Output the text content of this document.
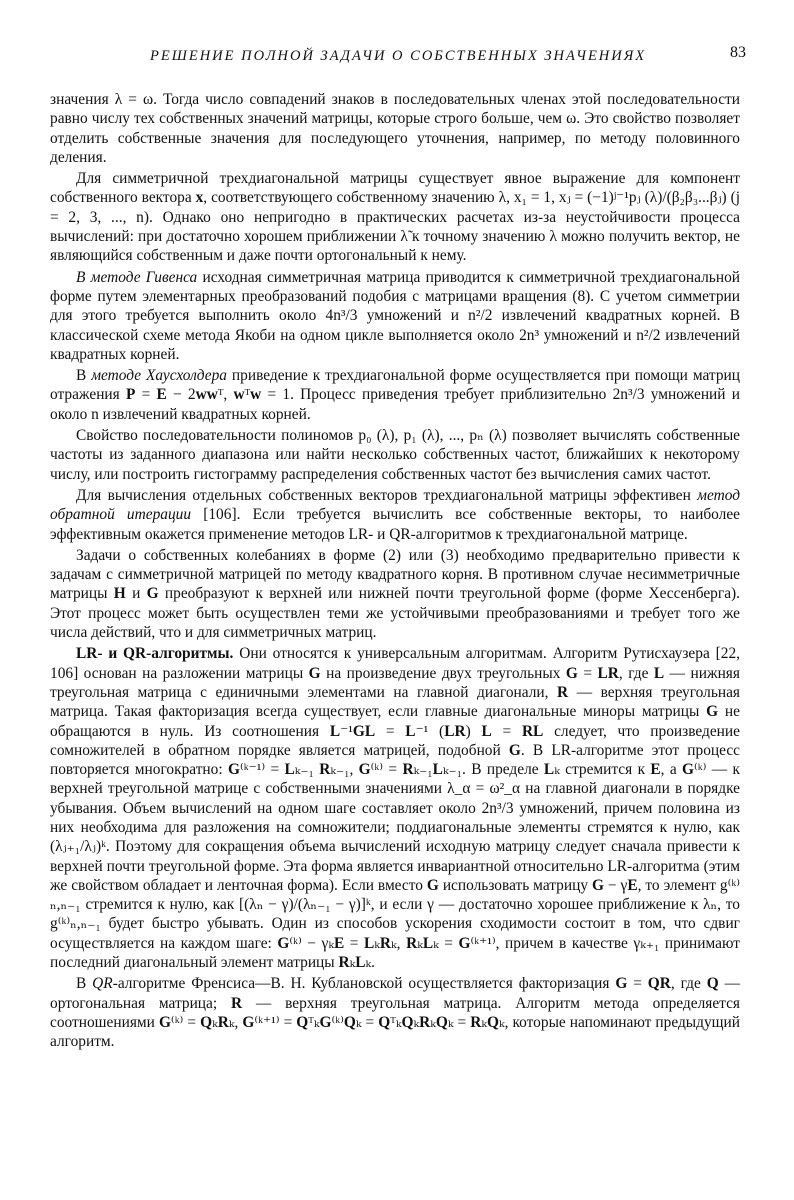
РЕШЕНИЕ ПОЛНОЙ ЗАДАЧИ О СОБСТВЕННЫХ ЗНАЧЕНИЯХ	83

значения λ = ω. Тогда число совпадений знаков в последовательных членах этой последовательности равно числу тех собственных значений матрицы, которые строго больше, чем ω. Это свойство позволяет отделить собственные значения для последующего уточнения, например, по методу половинного деления.

Для симметричной трехдиагональной матрицы существует явное выражение для компонент собственного вектора x, соответствующего собственному значению λ, x₁ = 1, xⱼ = (−1)ʲ⁻¹pⱼ (λ)/(β₂β₃...βⱼ) (j = 2, 3, ..., n). Однако оно непригодно в практических расчетах из-за неустойчивости процесса вычислений: при достаточно хорошем приближении λ̃ к точному значению λ можно получить вектор, не являющийся собственным и даже почти ортогональный к нему.

В методе Гивенса исходная симметричная матрица приводится к симметричной трехдиагональной форме путем элементарных преобразований подобия с матрицами вращения (8). С учетом симметрии для этого требуется выполнить около 4n³/3 умножений и n²/2 извлечений квадратных корней. В классической схеме метода Якоби на одном цикле выполняется около 2n³ умножений и n²/2 извлечений квадратных корней.

В методе Хаусхолдера приведение к трехдиагональной форме осуществляется при помощи матриц отражения P = E − 2wwᵀ, wᵀw = 1. Процесс приведения требует приблизительно 2n³/3 умножений и около n извлечений квадратных корней.

Свойство последовательности полиномов p₀ (λ), p₁ (λ), ..., pₙ (λ) позволяет вычислять собственные частоты из заданного диапазона или найти несколько собственных частот, ближайших к некоторому числу, или построить гистограмму распределения собственных частот без вычисления самих частот.

Для вычисления отдельных собственных векторов трехдиагональной матрицы эффективен метод обратной итерации [106]. Если требуется вычислить все собственные векторы, то наиболее эффективным окажется применение методов LR- и QR-алгоритмов к трехдиагональной матрице.

Задачи о собственных колебаниях в форме (2) или (3) необходимо предварительно привести к задачам с симметричной матрицей по методу квадратного корня. В противном случае несимметричные матрицы H и G преобразуют к верхней или нижней почти треугольной форме (форме Хессенберга). Этот процесс может быть осуществлен теми же устойчивыми преобразованиями и требует того же числа действий, что и для симметричных матриц.

LR- и QR-алгоритмы. Они относятся к универсальным алгоритмам. Алгоритм Рутисхаузера [22, 106] основан на разложении матрицы G на произведение двух треугольных G = LR, где L — нижняя треугольная матрица с единичными элементами на главной диагонали, R — верхняя треугольная матрица. Такая факторизация всегда существует, если главные диагональные миноры матрицы G не обращаются в нуль. Из соотношения L⁻¹GL = L⁻¹ (LR) L = RL следует, что произведение сомножителей в обратном порядке является матрицей, подобной G. В LR-алгоритме этот процесс повторяется многократно: G⁽ᵏ⁻¹⁾ = Lₖ₋₁ Rₖ₋₁, G⁽ᵏ⁾ = Rₖ₋₁Lₖ₋₁. В пределе Lₖ стремится к E, а G⁽ᵏ⁾ — к верхней треугольной матрице с собственными значениями λ_α = ω²_α на главной диагонали в порядке убывания. Объем вычислений на одном шаге составляет около 2n³/3 умножений, причем половина из них необходима для разложения на сомножители; поддиагональные элементы стремятся к нулю, как (λⱼ₊₁/λⱼ)ᵏ. Поэтому для сокращения объема вычислений исходную матрицу следует сначала привести к верхней почти треугольной форме. Эта форма является инвариантной относительно LR-алгоритма (этим же свойством обладает и ленточная форма). Если вместо G использовать матрицу G − γE, то элемент g⁽ᵏ⁾ₙ,ₙ₋₁ стремится к нулю, как [(λₙ − γ)/(λₙ₋₁ − γ)]ᵏ, и если γ — достаточно хорошее приближение к λₙ, то g⁽ᵏ⁾ₙ,ₙ₋₁ будет быстро убывать. Один из способов ускорения сходимости состоит в том, что сдвиг осуществляется на каждом шаге: G⁽ᵏ⁾ − γₖE = LₖRₖ, RₖLₖ = G⁽ᵏ⁺¹⁾, причем в качестве γₖ₊₁ принимают последний диагональный элемент матрицы RₖLₖ.

В QR-алгоритме Френсиса—В. Н. Кублановской осуществляется факторизация G = QR, где Q — ортогональная матрица; R — верхняя треугольная матрица. Алгоритм метода определяется соотношениями G⁽ᵏ⁾ = QₖRₖ, G⁽ᵏ⁺¹⁾ = QᵀₖG⁽ᵏ⁾Qₖ = QᵀₖQₖRₖQₖ = RₖQₖ, которые напоминают предыдущий алгоритм.
